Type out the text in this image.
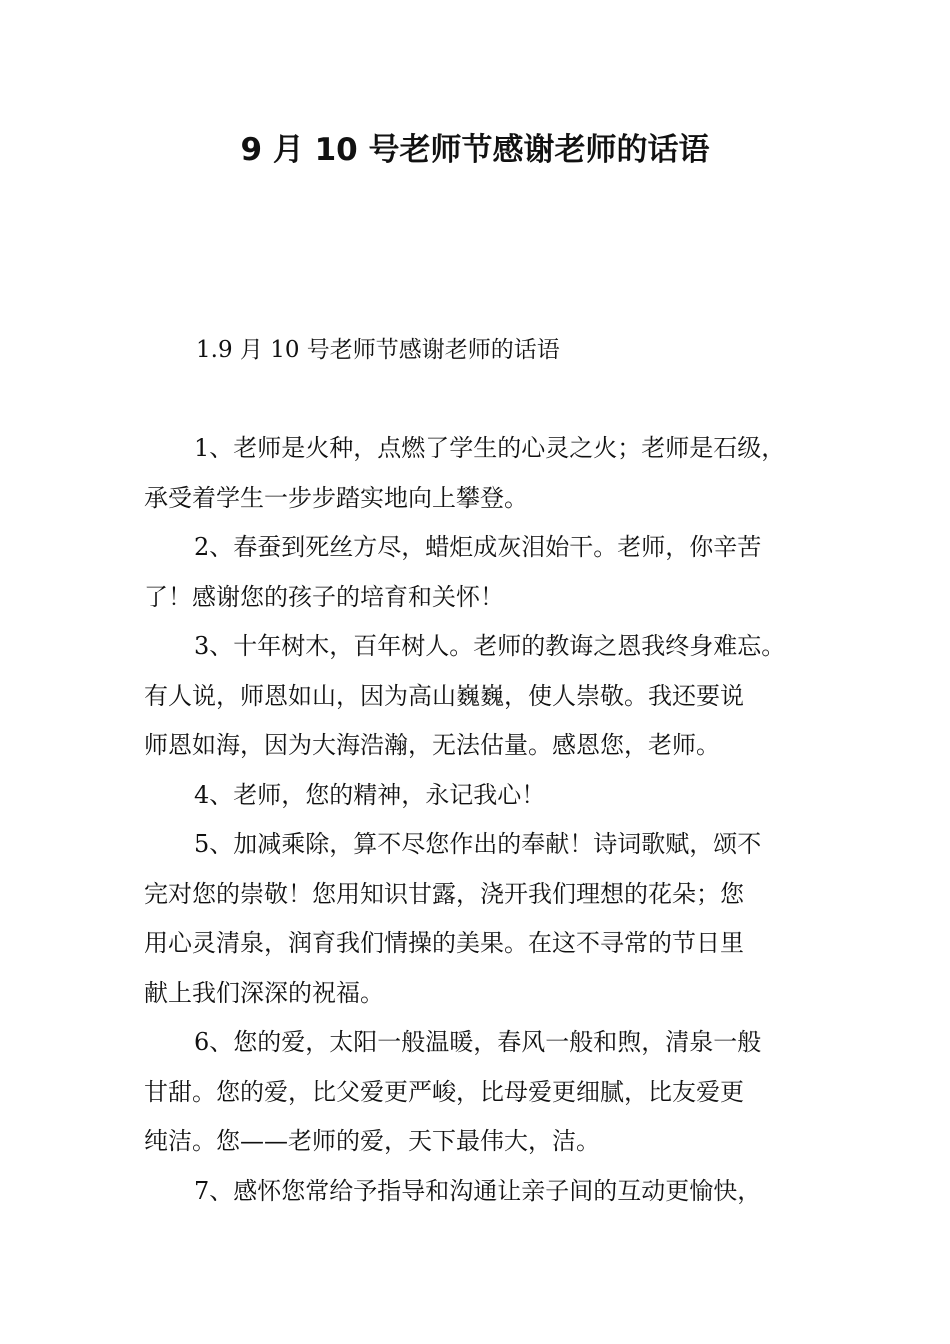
9 月 10 号老师节感谢老师的话语

1.9 月 10 号老师节感谢老师的话语

1、老师是火种，点燃了学生的心灵之火；老师是石级，
承受着学生一步步踏实地向上攀登。

2、春蚕到死丝方尽，蜡炬成灰泪始干。老师，你辛苦
了！感谢您的孩子的培育和关怀！

3、十年树木，百年树人。老师的教诲之恩我终身难忘。
有人说，师恩如山，因为高山巍巍，使人崇敬。我还要说
师恩如海，因为大海浩瀚，无法估量。感恩您，老师。

4、老师，您的精神，永记我心！

5、加减乘除，算不尽您作出的奉献！诗词歌赋，颂不
完对您的崇敬！您用知识甘露，浇开我们理想的花朵；您
用心灵清泉，润育我们情操的美果。在这不寻常的节日里
献上我们深深的祝福。

6、您的爱，太阳一般温暖，春风一般和煦，清泉一般
甘甜。您的爱，比父爱更严峻，比母爱更细腻，比友爱更
纯洁。您——老师的爱，天下最伟大，洁。

7、感怀您常给予指导和沟通让亲子间的互动更愉快，
